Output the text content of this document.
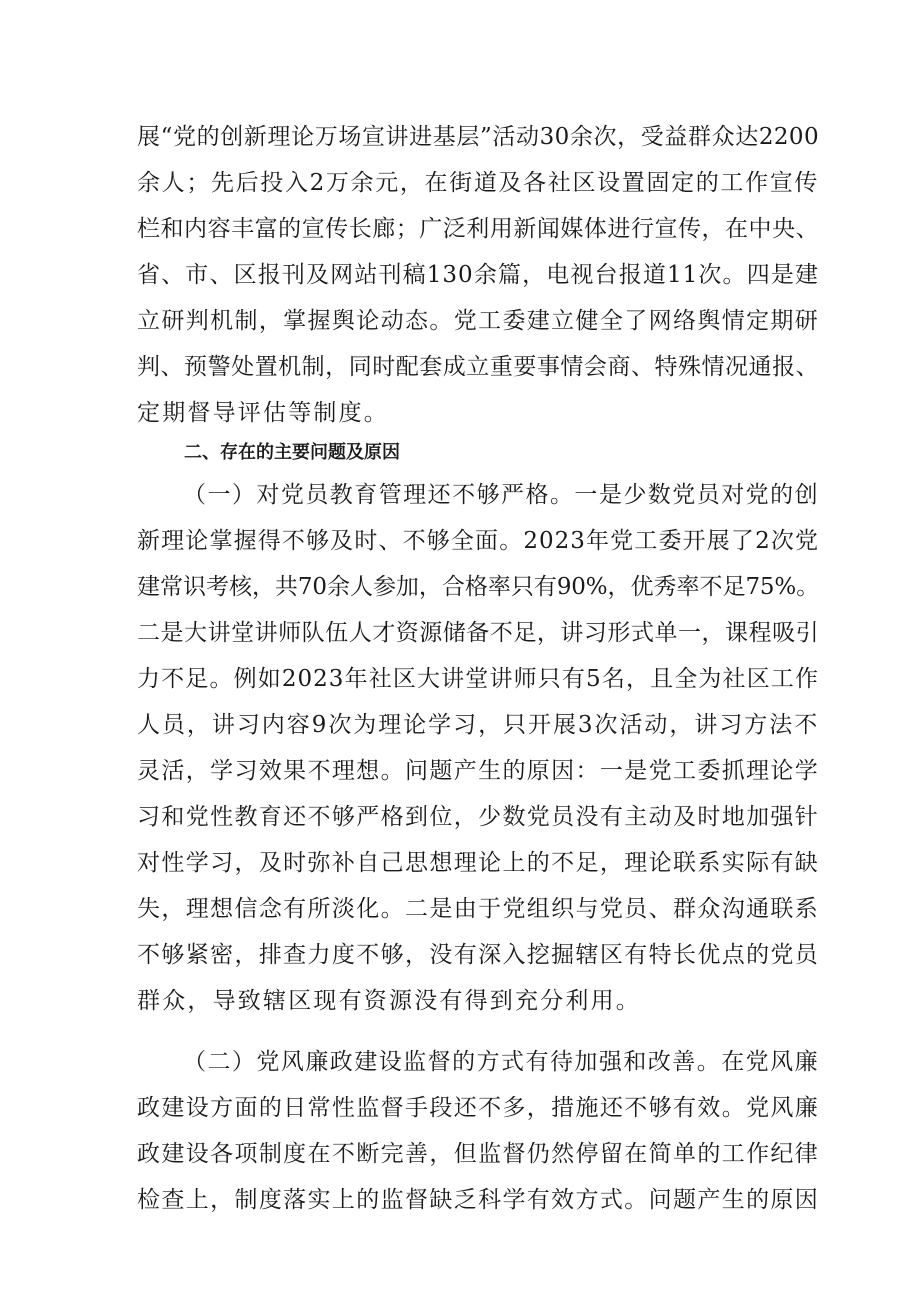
展“党的创新理论万场宣讲进基层”活动30余次，受益群众达2200
余人；先后投入2万余元，在街道及各社区设置固定的工作宣传
栏和内容丰富的宣传长廊；广泛利用新闻媒体进行宣传，在中央、
省、市、区报刊及网站刊稿130余篇，电视台报道11次。四是建
立研判机制，掌握舆论动态。党工委建立健全了网络舆情定期研
判、预警处置机制，同时配套成立重要事情会商、特殊情况通报、
定期督导评估等制度。
二、存在的主要问题及原因
（一）对党员教育管理还不够严格。一是少数党员对党的创
新理论掌握得不够及时、不够全面。2023年党工委开展了2次党
建常识考核，共70余人参加，合格率只有90%，优秀率不足75%。
二是大讲堂讲师队伍人才资源储备不足，讲习形式单一，课程吸引
力不足。例如2023年社区大讲堂讲师只有5名，且全为社区工作
人员，讲习内容9次为理论学习，只开展3次活动，讲习方法不
灵活，学习效果不理想。问题产生的原因：一是党工委抓理论学
习和党性教育还不够严格到位，少数党员没有主动及时地加强针
对性学习，及时弥补自己思想理论上的不足，理论联系实际有缺
失，理想信念有所淡化。二是由于党组织与党员、群众沟通联系
不够紧密，排查力度不够，没有深入挖掘辖区有特长优点的党员
群众，导致辖区现有资源没有得到充分利用。
（二）党风廉政建设监督的方式有待加强和改善。在党风廉
政建设方面的日常性监督手段还不多，措施还不够有效。党风廉
政建设各项制度在不断完善，但监督仍然停留在简单的工作纪律
检查上，制度落实上的监督缺乏科学有效方式。问题产生的原因
